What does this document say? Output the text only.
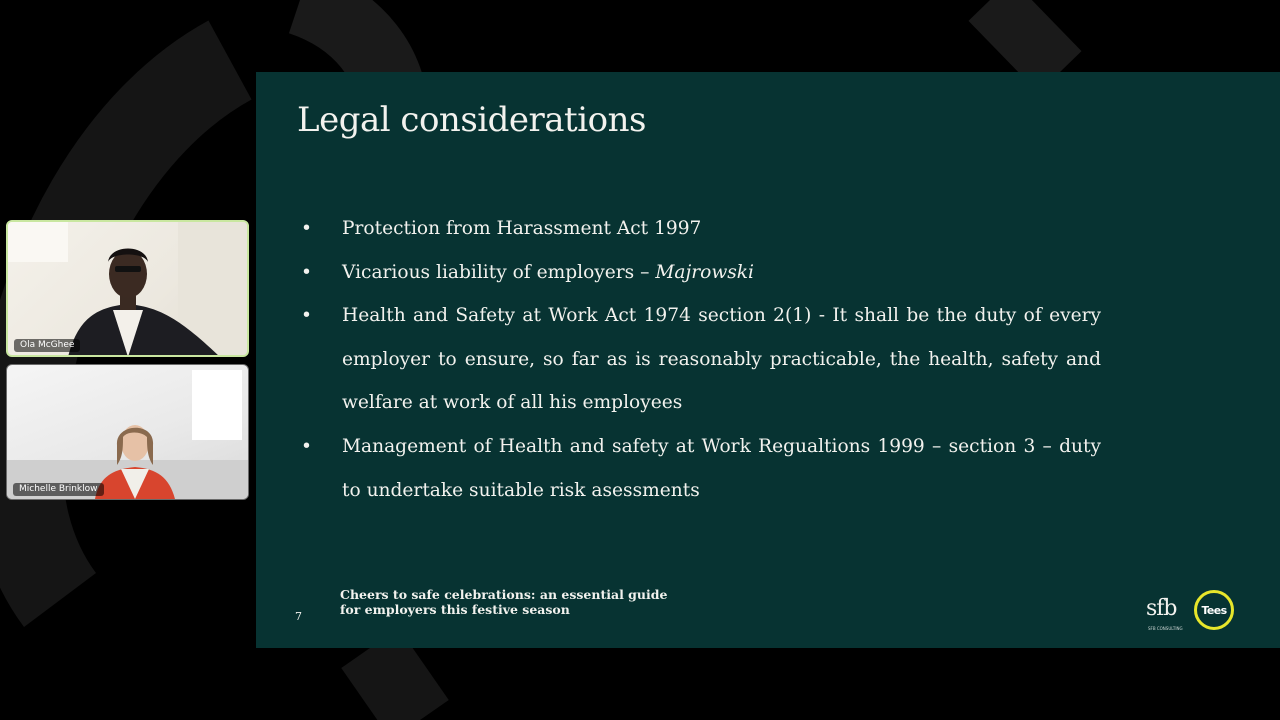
Ola McGhee
Michelle Brinklow
Legal considerations
• Protection from Harassment Act 1997
• Vicarious liability of employers – Majrowski
• Health and Safety at Work Act 1974 section 2(1) - It shall be the duty of every employer to ensure, so far as is reasonably practicable, the health, safety and welfare at work of all his employees
• Management of Health and safety at Work Regualtions 1999 – section 3 – duty to undertake suitable risk asessments
7
Cheers to safe celebrations: an essential guide
for employers this festive season	sfb
SFB CONSULTING
Tees
